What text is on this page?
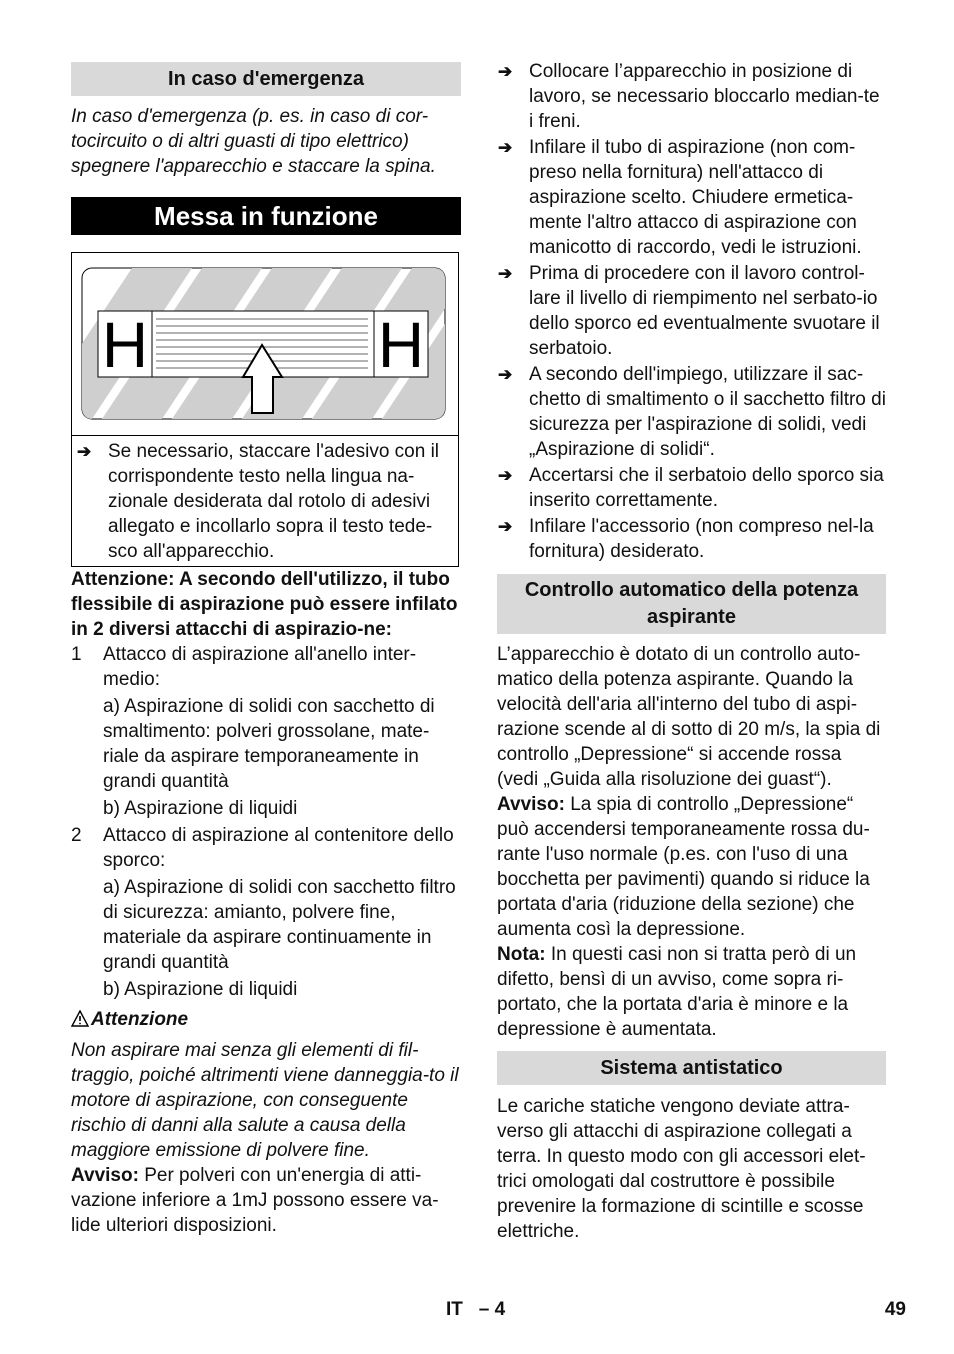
In caso d'emergenza

In caso d'emergenza (p. es. in caso di cor-tocircuito o di altri guasti di tipo elettrico) spegnere l'apparecchio e staccare la spina.

Messa in funzione
H	H
➔ Se necessario, staccare l'adesivo con il corrispondente testo nella lingua na-zionale desiderata dal rotolo di adesivi allegato e incollarlo sopra il testo tede-sco all'apparecchio.

Attenzione: A secondo dell'utilizzo, il tubo flessibile di aspirazione può essere infilato in 2 diversi attacchi di aspirazio-ne:

1 Attacco di aspirazione all'anello inter-medio:

a) Aspirazione di solidi con sacchetto di smaltimento: polveri grossolane, mate-riale da aspirare temporaneamente in grandi quantità

b) Aspirazione di liquidi

2 Attacco di aspirazione al contenitore dello sporco:

a) Aspirazione di solidi con sacchetto filtro di sicurezza: amianto, polvere fine, materiale da aspirare continuamente in grandi quantità

b) Aspirazione di liquidi

Attenzione

Non aspirare mai senza gli elementi di fil-traggio, poiché altrimenti viene danneggia-to il motore di aspirazione, con conseguente rischio di danni alla salute a causa della maggiore emissione di polvere fine.

Avviso: Per polveri con un'energia di atti-vazione inferiore a 1mJ possono essere va-lide ulteriori disposizioni.

➔ Collocare l’apparecchio in posizione di lavoro, se necessario bloccarlo median-te i freni.

➔ Infilare il tubo di aspirazione (non com-preso nella fornitura) nell'attacco di aspirazione scelto. Chiudere ermetica-mente l'altro attacco di aspirazione con manicotto di raccordo, vedi le istruzioni.

➔ Prima di procedere con il lavoro control-lare il livello di riempimento nel serbato-io dello sporco ed eventualmente svuotare il serbatoio.

➔ A secondo dell'impiego, utilizzare il sac-chetto di smaltimento o il sacchetto filtro di sicurezza per l'aspirazione di solidi, vedi „Aspirazione di solidi“.

➔ Accertarsi che il serbatoio dello sporco sia inserito correttamente.

➔ Infilare l'accessorio (non compreso nel-la fornitura) desiderato.

Controllo automatico della potenza aspirante

L’apparecchio è dotato di un controllo auto-matico della potenza aspirante. Quando la velocità dell'aria all'interno del tubo di aspi-razione scende al di sotto di 20 m/s, la spia di controllo „Depressione“ si accende rossa (vedi „Guida alla risoluzione dei guast“).

Avviso: La spia di controllo „Depressione“ può accendersi temporaneamente rossa du-rante l'uso normale (p.es. con l'uso di una bocchetta per pavimenti) quando si riduce la portata d'aria (riduzione della sezione) che aumenta così la depressione.

Nota: In questi casi non si tratta però di un difetto, bensì di un avviso, come sopra ri-portato, che la portata d'aria è minore e la depressione è aumentata.

Sistema antistatico

Le cariche statiche vengono deviate attra-verso gli attacchi di aspirazione collegati a terra. In questo modo con gli accessori elet-trici omologati dal costruttore è possibile prevenire la formazione di scintille e scosse elettriche.

IT   – 4	49
